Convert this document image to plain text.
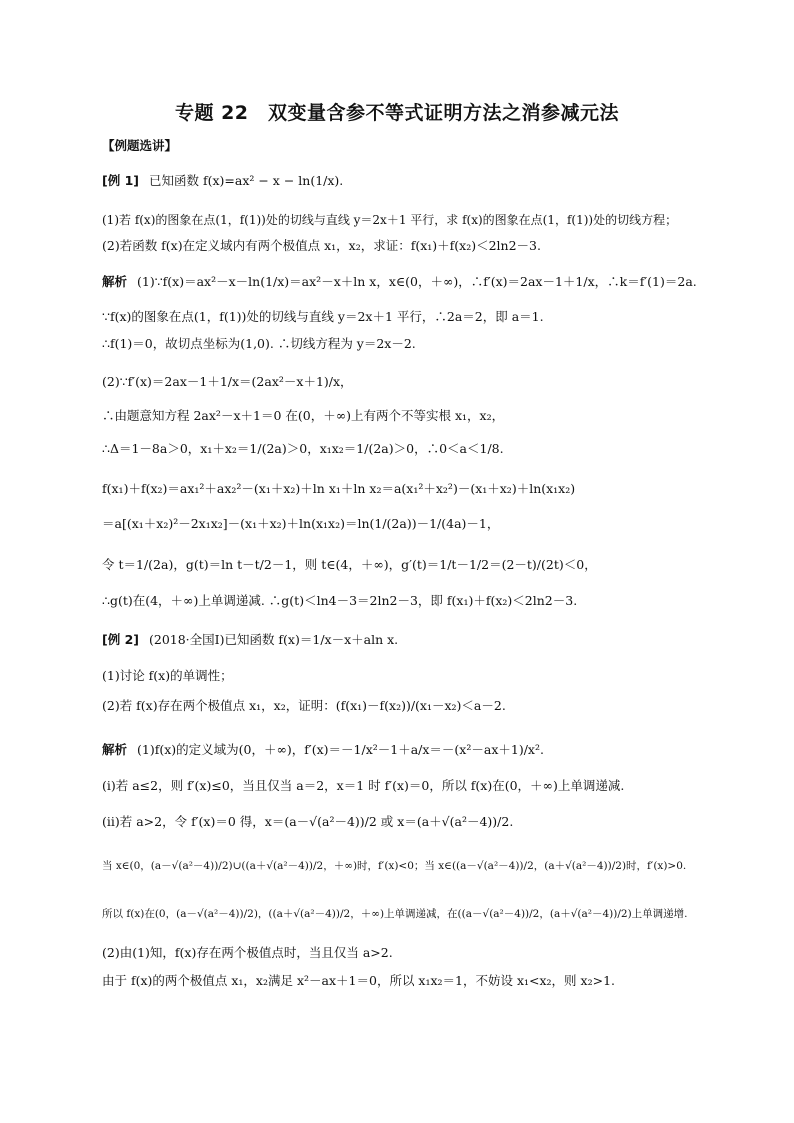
专题 22　双变量含参不等式证明方法之消参减元法
【例题选讲】
[例 1] 已知函数 f(x)=ax² − x − ln(1/x).
(1)若 f(x)的图象在点(1，f(1))处的切线与直线 y＝2x＋1 平行，求 f(x)的图象在点(1，f(1))处的切线方程；
(2)若函数 f(x)在定义域内有两个极值点 x₁，x₂，求证：f(x₁)＋f(x₂)＜2ln2－3.
解析 (1)∵f(x)＝ax²－x－ln(1/x)＝ax²－x＋ln x，x∈(0，＋∞)，∴f′(x)＝2ax－1＋1/x，∴k＝f′(1)＝2a.
∵f(x)的图象在点(1，f(1))处的切线与直线 y＝2x＋1 平行，∴2a＝2，即 a＝1.
∴f(1)＝0，故切点坐标为(1,0). ∴切线方程为 y＝2x－2.
(2)∵f′(x)＝2ax－1＋1/x＝(2ax²－x＋1)/x，
∴由题意知方程 2ax²－x＋1＝0 在(0，＋∞)上有两个不等实根 x₁，x₂，
∴Δ＝1－8a＞0，x₁＋x₂＝1/(2a)＞0，x₁x₂＝1/(2a)＞0，∴0＜a＜1/8.
f(x₁)＋f(x₂)＝ax₁²＋ax₂²－(x₁＋x₂)＋ln x₁＋ln x₂＝a(x₁²＋x₂²)－(x₁＋x₂)＋ln(x₁x₂)
＝a[(x₁＋x₂)²－2x₁x₂]－(x₁＋x₂)＋ln(x₁x₂)＝ln(1/(2a))－1/(4a)－1，
令 t＝1/(2a)，g(t)＝ln t－t/2－1，则 t∈(4，＋∞)，g′(t)＝1/t－1/2＝(2－t)/(2t)＜0，
∴g(t)在(4，＋∞)上单调递减. ∴g(t)＜ln4－3＝2ln2－3，即 f(x₁)＋f(x₂)＜2ln2－3.
[例 2] (2018·全国Ⅰ)已知函数 f(x)＝1/x－x＋aln x.
(1)讨论 f(x)的单调性；
(2)若 f(x)存在两个极值点 x₁，x₂，证明：(f(x₁)－f(x₂))/(x₁－x₂)＜a－2.
解析 (1)f(x)的定义域为(0，＋∞)，f′(x)＝－1/x²－1＋a/x＝－(x²－ax＋1)/x².
(ⅰ)若 a≤2，则 f′(x)≤0，当且仅当 a＝2，x＝1 时 f′(x)＝0，所以 f(x)在(0，＋∞)上单调递减.
(ⅱ)若 a>2，令 f′(x)＝0 得，x＝(a－√(a²－4))/2 或 x＝(a＋√(a²－4))/2.
当 x∈(0，(a－√(a²－4))/2)∪((a＋√(a²－4))/2，＋∞)时，f′(x)<0；当 x∈((a－√(a²－4))/2，(a＋√(a²－4))/2)时，f′(x)>0.
所以 f(x)在(0，(a－√(a²－4))/2)，((a＋√(a²－4))/2，＋∞)上单调递减，在((a－√(a²－4))/2，(a＋√(a²－4))/2)上单调递增.
(2)由(1)知，f(x)存在两个极值点时，当且仅当 a>2.
由于 f(x)的两个极值点 x₁，x₂满足 x²－ax＋1＝0，所以 x₁x₂＝1，不妨设 x₁<x₂，则 x₂>1.
